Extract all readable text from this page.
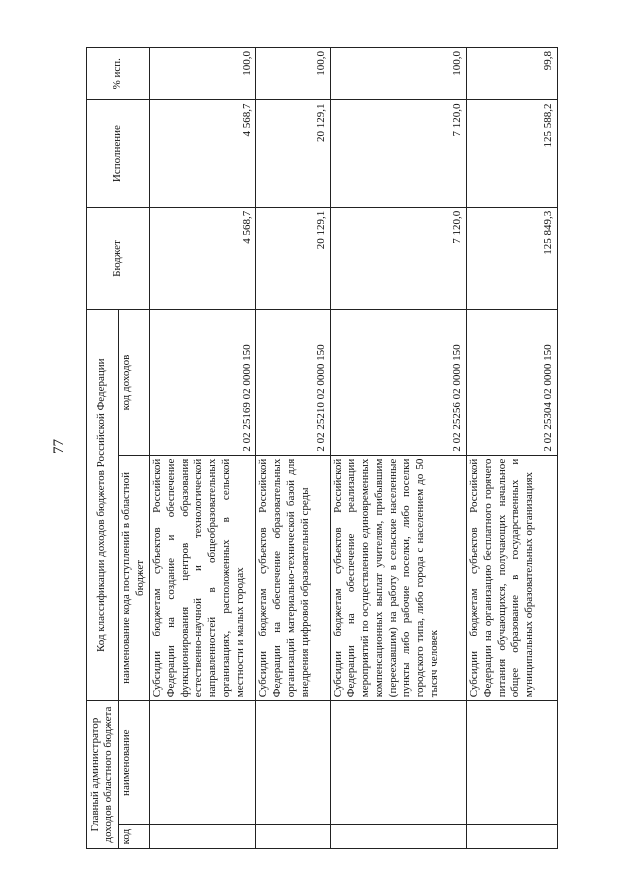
77
Главный администратор доходов областного бюджета		Код классификации доходов бюджетов Российской Федерации		Бюджет	Исполнение	% исп.
код	наименование	наименование кода поступлений в областной бюджет	код доходов			
		Субсидии бюджетам субъектов Российской Федерации на создание и обеспечение функционирования центров образования естественно-научной и технологической направленностей в общеобразовательных организациях, расположенных в сельской местности и малых городах	2 02 25169 02 0000 150	4 568,7	4 568,7	100,0
		Субсидии бюджетам субъектов Российской Федерации на обеспечение образовательных организаций материально-технической базой для внедрения цифровой образовательной среды	2 02 25210 02 0000 150	20 129,1	20 129,1	100,0
		Субсидии бюджетам субъектов Российской Федерации на обеспечение реализации мероприятий по осуществлению единовременных компенсационных выплат учителям, прибывшим (переехавшим) на работу в сельские населенные пункты либо рабочие поселки, либо поселки городского типа, либо города с населением до 50 тысяч человек	2 02 25256 02 0000 150	7 120,0	7 120,0	100,0
		Субсидии бюджетам субъектов Российской Федерации на организацию бесплатного горячего питания обучающихся, получающих начальное общее образование в государственных и муниципальных образовательных организациях	2 02 25304 02 0000 150	125 849,3	125 588,2	99,8
